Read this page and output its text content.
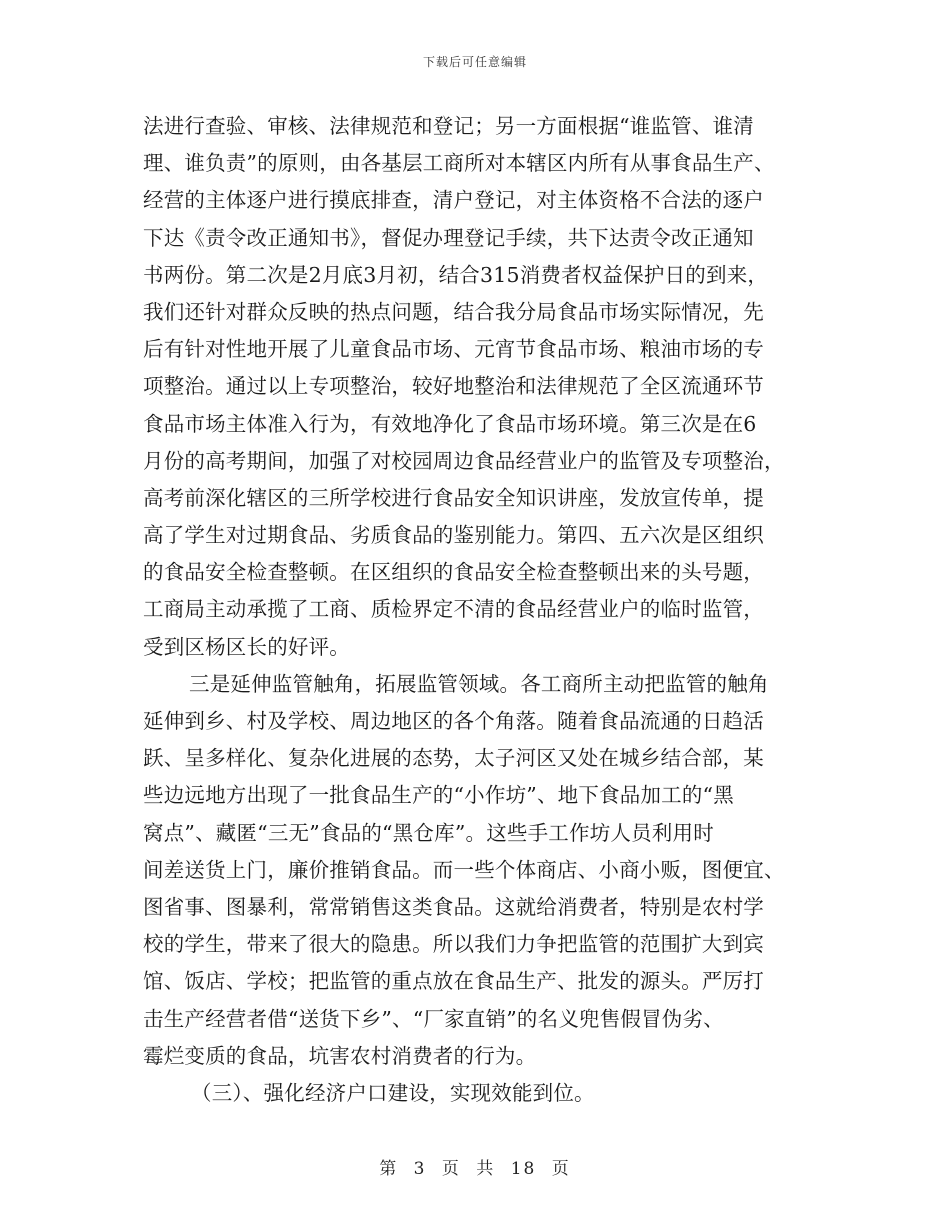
下载后可任意编辑
法进行查验、审核、法律规范和登记；另一方面根据“谁监管、谁清
理、谁负责”的原则，由各基层工商所对本辖区内所有从事食品生产、
经营的主体逐户进行摸底排查，清户登记，对主体资格不合法的逐户
下达《责令改正通知书》，督促办理登记手续，共下达责令改正通知
书两份。第二次是2月底3月初，结合315消费者权益保护日的到来，
我们还针对群众反映的热点问题，结合我分局食品市场实际情况，先
后有针对性地开展了儿童食品市场、元宵节食品市场、粮油市场的专
项整治。通过以上专项整治，较好地整治和法律规范了全区流通环节
食品市场主体准入行为，有效地净化了食品市场环境。第三次是在6
月份的高考期间，加强了对校园周边食品经营业户的监管及专项整治，
高考前深化辖区的三所学校进行食品安全知识讲座，发放宣传单，提
高了学生对过期食品、劣质食品的鉴别能力。第四、五六次是区组织
的食品安全检查整顿。在区组织的食品安全检查整顿出来的头号题，
工商局主动承揽了工商、质检界定不清的食品经营业户的临时监管，
受到区杨区长的好评。
三是延伸监管触角，拓展监管领域。各工商所主动把监管的触角
延伸到乡、村及学校、周边地区的各个角落。随着食品流通的日趋活
跃、呈多样化、复杂化进展的态势，太子河区又处在城乡结合部，某
些边远地方出现了一批食品生产的“小作坊”、地下食品加工的“黑
窝点”、藏匿“三无”食品的“黑仓库”。这些手工作坊人员利用时
间差送货上门，廉价推销食品。而一些个体商店、小商小贩，图便宜、
图省事、图暴利，常常销售这类食品。这就给消费者，特别是农村学
校的学生，带来了很大的隐患。所以我们力争把监管的范围扩大到宾
馆、饭店、学校；把监管的重点放在食品生产、批发的源头。严厉打
击生产经营者借“送货下乡”、“厂家直销”的名义兜售假冒伪劣、
霉烂变质的食品，坑害农村消费者的行为。
（三）、强化经济户口建设，实现效能到位。
第 3 页 共 18 页
